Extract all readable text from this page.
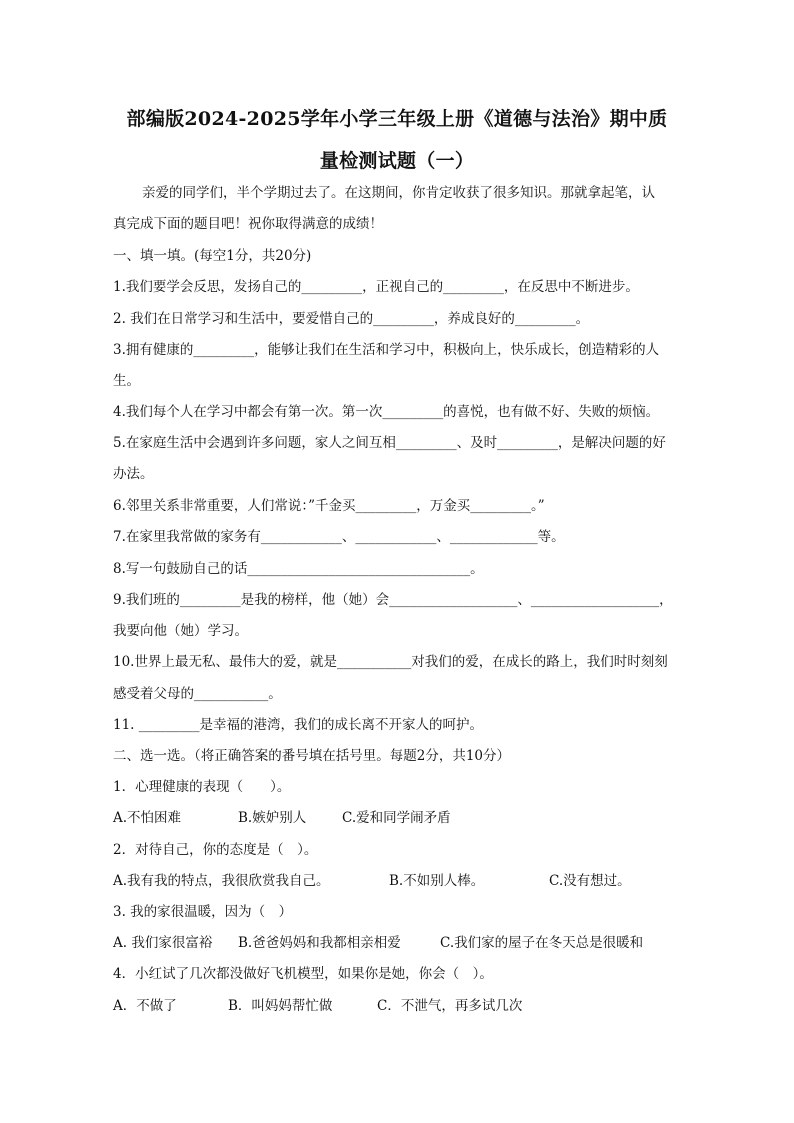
部编版2024-2025学年小学三年级上册《道德与法治》期中质
量检测试题（一）
亲爱的同学们，半个学期过去了。在这期间，你肯定收获了很多知识。那就拿起笔，认
真完成下面的题目吧！祝你取得满意的成绩！
一、填一填。(每空1分，共20分)
1.我们要学会反思，发扬自己的_________，正视自己的_________，在反思中不断进步。
2. 我们在日常学习和生活中，要爱惜自己的_________，养成良好的_________。
3.拥有健康的_________，能够让我们在生活和学习中，积极向上，快乐成长，创造精彩的人
生。
4.我们每个人在学习中都会有第一次。第一次_________的喜悦，也有做不好、失败的烦恼。
5.在家庭生活中会遇到许多问题，家人之间互相_________、及时_________，是解决问题的好
办法。
6.邻里关系非常重要，人们常说：”千金买_________，万金买_________。”
7.在家里我常做的家务有____________、____________、_____________等。
8.写一句鼓励自己的话_________________________________。
9.我们班的_________是我的榜样，他（她）会___________________、___________________，
我要向他（她）学习。
10.世界上最无私、最伟大的爱，就是___________对我们的爱，在成长的路上，我们时时刻刻
感受着父母的___________。
11. _________是幸福的港湾，我们的成长离不开家人的呵护。
二、选一选。（将正确答案的番号填在括号里。每题2分，共10分）
1．心理健康的表现（　　）。
A.不怕困难	B.嫉妒别人	C.爱和同学闹矛盾
2．对待自己，你的态度是（　）。
A.我有我的特点，我很欣赏我自己。	B.不如别人棒。	C.没有想过。
3. 我的家很温暖，因为（　）
A. 我们家很富裕 B.爸爸妈妈和我都相亲相爱	C.我们家的屋子在冬天总是很暖和
4．小红试了几次都没做好飞机模型，如果你是她，你会（　）。
A．不做了	B．叫妈妈帮忙做	C．不泄气，再多试几次
